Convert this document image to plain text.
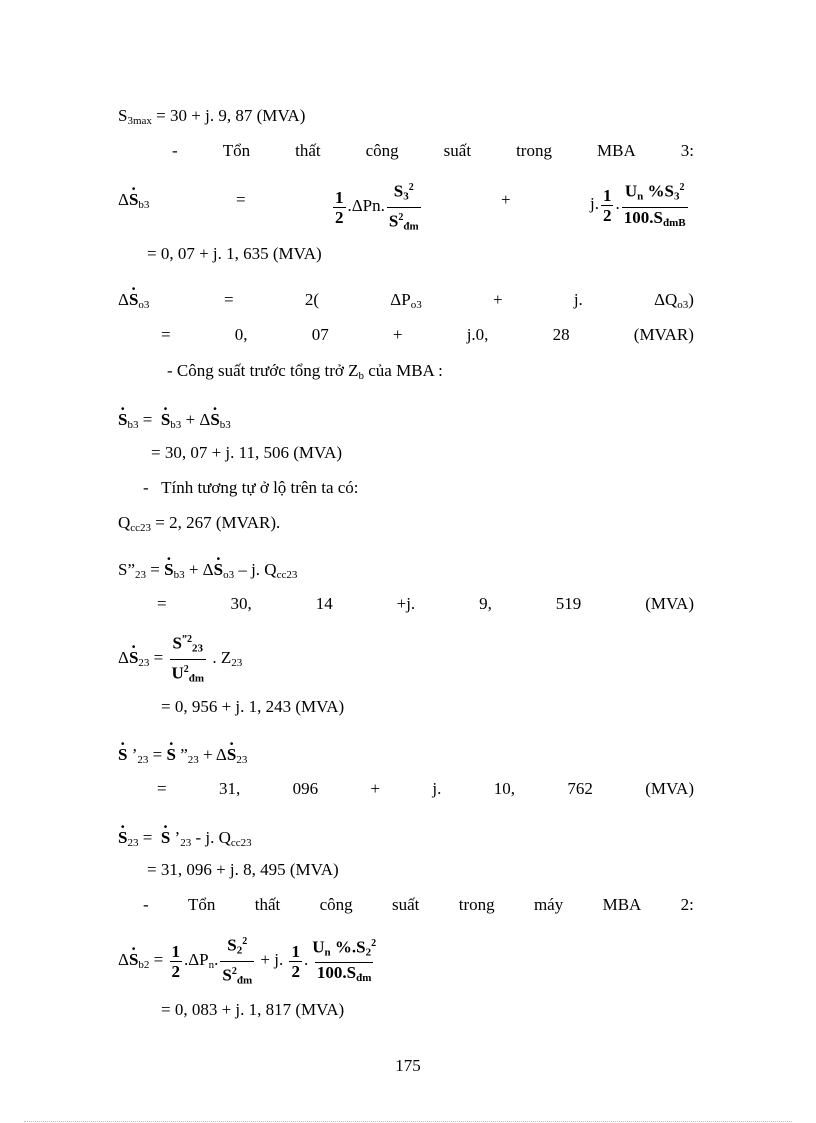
$S_{3max} = 30 + j$. 9, 87 (MVA)
-	Tổn	thất	công	suất	trong	MBA	3:
Δ. $S_{b3}$	=	$\frac{1}{2} .\Delta Pn$. $\frac{S_3^2}{S^2_{đm}}$	+	j. $\frac{1}{2}$ . $\frac{U_n \%S_3^2}{100.S_{đmB}}$
= 0, 07 + j. 1, 635 (MVA)
Δ. $S_{o3}$	=	2(	$\Delta P_{o3}$	+	j.	$\Delta Q_{o3}$)
=	0,	07	+	j.0,	28	(MVAR)
- Công suất trước tổng trở $Z_b$ của MBA :
. $S_{b3}$ =  . $S_{b3} + \Delta$. $S_{b3}$
= 30, 07 + j. 11, 506 (MVA)
-   Tính tương tự ở lộ trên ta có:
$Q_{cc23} = 2$, 267 (MVAR).
$S”_{23}$ = . $S_{b3} + \Delta$. $S_{o3}$ – j. $Q_{cc23}$
=	30,	14	+j.	9,	519	(MVA)
Δ. $S_{23} = \frac{S^{”2}_{23}}{U^2_{đm}}$ . $Z_{23}$
= 0, 956 + j. 1, 243 (MVA)
. S $’_{23}$ = . S $”_{23} + \Delta$. $S_{23}$
=	31,	096	+	j.	10,	762	(MVA)
. $S_{23}$ =  . S $’_{23}$ - j. $Q_{cc23}$
= 31, 096 + j. 8, 495 (MVA)
- Tổn thất công suất trong máy MBA 2:
Δ. $S_{b2} = \frac{1}{2} .\Delta P_n$. $\frac{S_2^2}{S^2_{đm}} + j$. $\frac{1}{2}$ . $\frac{U_n \%.S_2^2}{100.S_{đm}}$
= 0, 083 + j. 1, 817 (MVA)
175
